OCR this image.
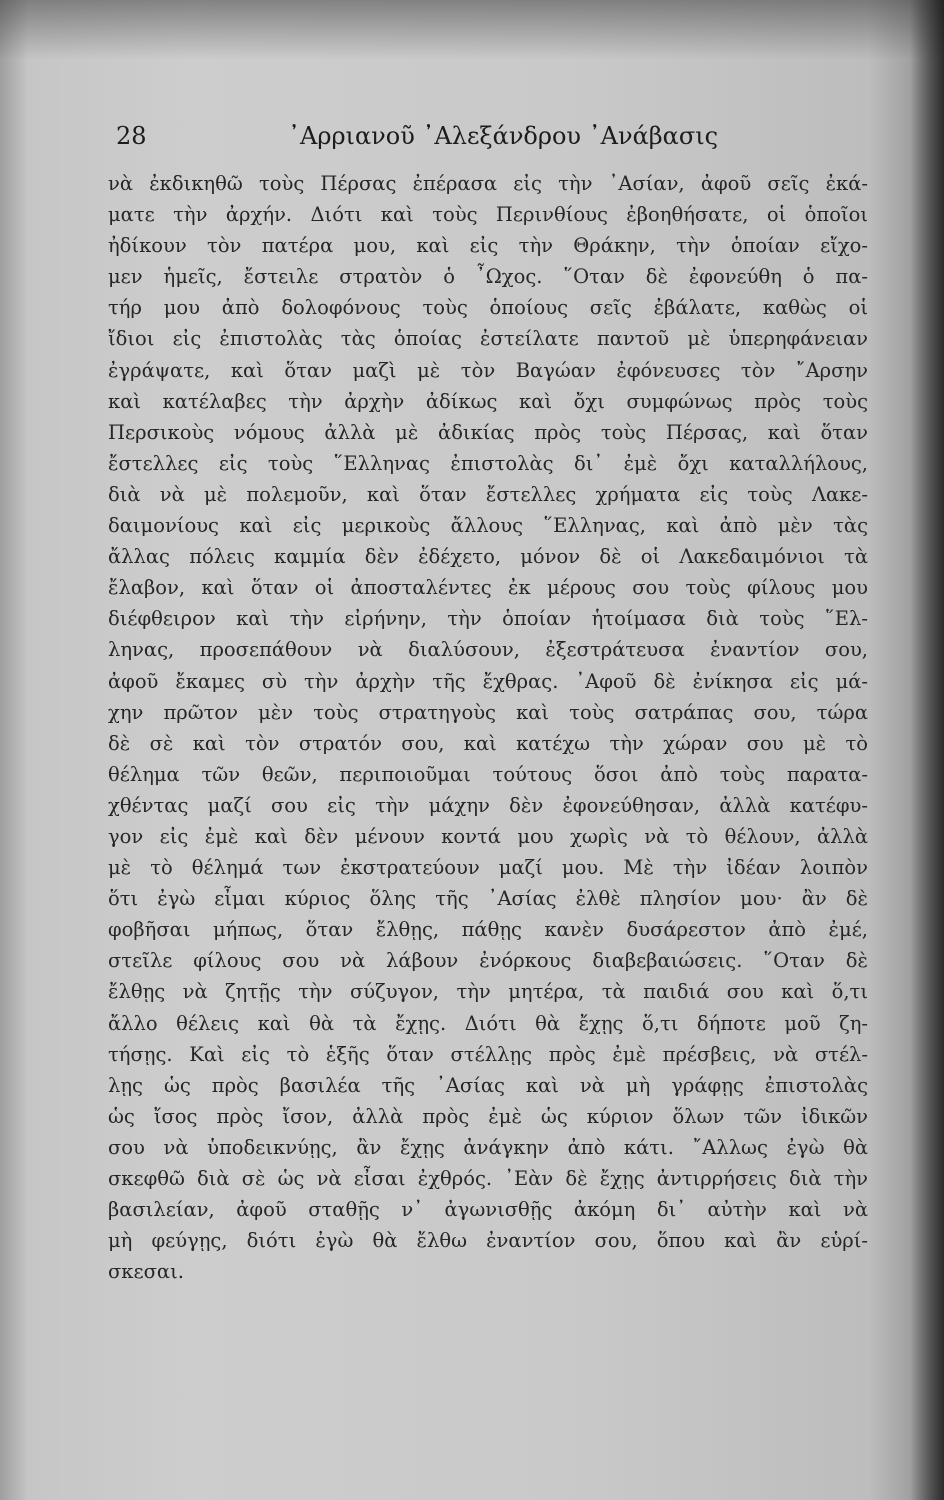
28	᾿Αρριανοῦ ᾿Αλεξάνδρου ᾿Ανάβασις
νὰ ἐκδικηθῶ τοὺς Πέρσας ἐπέρασα εἰς τὴν ᾿Ασίαν, ἀφοῦ σεῖς ἐκά-
ματε τὴν ἀρχήν. Διότι καὶ τοὺς Περινθίους ἐβοηθήσατε, οἱ ὁποῖοι
ἠδίκουν τὸν πατέρα μου, καὶ εἰς τὴν Θράκην, τὴν ὁποίαν εἴχο-
μεν ἡμεῖς, ἔστειλε στρατὸν ὁ ῏Ωχος. ῞Οταν δὲ ἐφονεύθη ὁ πα-
τήρ μου ἀπὸ δολοφόνους τοὺς ὁποίους σεῖς ἐβάλατε, καθὼς οἱ
ἴδιοι εἰς ἐπιστολὰς τὰς ὁποίας ἐστείλατε παντοῦ μὲ ὑπερηφάνειαν
ἐγράψατε, καὶ ὅταν μαζὶ μὲ τὸν Βαγώαν ἐφόνευσες τὸν ῎Αρσην
καὶ κατέλαβες τὴν ἀρχὴν ἀδίκως καὶ ὄχι συμφώνως πρὸς τοὺς
Περσικοὺς νόμους ἀλλὰ μὲ ἀδικίας πρὸς τοὺς Πέρσας, καὶ ὅταν
ἔστελλες εἰς τοὺς ῞Ελληνας ἐπιστολὰς δι᾿ ἐμὲ ὄχι καταλλήλους,
διὰ νὰ μὲ πολεμοῦν, καὶ ὅταν ἔστελλες χρήματα εἰς τοὺς Λακε-
δαιμονίους καὶ εἰς μερικοὺς ἄλλους ῞Ελληνας, καὶ ἀπὸ μὲν τὰς
ἄλλας πόλεις καμμία δὲν ἐδέχετο, μόνον δὲ οἱ Λακεδαιμόνιοι τὰ
ἔλαβον, καὶ ὅταν οἱ ἀποσταλέντες ἐκ μέρους σου τοὺς φίλους μου
διέφθειρον καὶ τὴν εἰρήνην, τὴν ὁποίαν ἡτοίμασα διὰ τοὺς ῞Ελ-
ληνας, προσεπάθουν νὰ διαλύσουν, ἐξεστράτευσα ἐναντίον σου,
ἀφοῦ ἔκαμες σὺ τὴν ἀρχὴν τῆς ἔχθρας. ᾿Αφοῦ δὲ ἐνίκησα εἰς μά-
χην πρῶτον μὲν τοὺς στρατηγοὺς καὶ τοὺς σατράπας σου, τώρα
δὲ σὲ καὶ τὸν στρατόν σου, καὶ κατέχω τὴν χώραν σου μὲ τὸ
θέλημα τῶν θεῶν, περιποιοῦμαι τούτους ὅσοι ἀπὸ τοὺς παρατα-
χθέντας μαζί σου εἰς τὴν μάχην δὲν ἐφονεύθησαν, ἀλλὰ κατέφυ-
γον εἰς ἐμὲ καὶ δὲν μένουν κοντά μου χωρὶς νὰ τὸ θέλουν, ἀλλὰ
μὲ τὸ θέλημά των ἐκστρατεύουν μαζί μου. Μὲ τὴν ἰδέαν λοιπὸν
ὅτι ἐγὼ εἶμαι κύριος ὅλης τῆς ᾿Ασίας ἐλθὲ πλησίον μου· ἂν δὲ
φοβῆσαι μήπως, ὅταν ἔλθῃς, πάθῃς κανὲν δυσάρεστον ἀπὸ ἐμέ,
στεῖλε φίλους σου νὰ λάβουν ἐνόρκους διαβεβαιώσεις. ῞Οταν δὲ
ἔλθῃς νὰ ζητῇς τὴν σύζυγον, τὴν μητέρα, τὰ παιδιά σου καὶ ὅ,τι
ἄλλο θέλεις καὶ θὰ τὰ ἔχῃς. Διότι θὰ ἔχῃς ὅ,τι δήποτε μοῦ ζη-
τήσῃς. Καὶ εἰς τὸ ἑξῆς ὅταν στέλλῃς πρὸς ἐμὲ πρέσβεις, νὰ στέλ-
λῃς ὡς πρὸς βασιλέα τῆς ᾿Ασίας καὶ νὰ μὴ γράφῃς ἐπιστολὰς
ὡς ἴσος πρὸς ἴσον, ἀλλὰ πρὸς ἐμὲ ὡς κύριον ὅλων τῶν ἰδικῶν
σου νὰ ὑποδεικνύῃς, ἂν ἔχῃς ἀνάγκην ἀπὸ κάτι. ῎Αλλως ἐγὼ θὰ
σκεφθῶ διὰ σὲ ὡς νὰ εἶσαι ἐχθρός. ᾿Εὰν δὲ ἔχῃς ἀντιρρήσεις διὰ τὴν
βασιλείαν, ἀφοῦ σταθῇς ν᾿ ἀγωνισθῇς ἀκόμη δι᾿ αὐτὴν καὶ νὰ
μὴ φεύγῃς, διότι ἐγὼ θὰ ἔλθω ἐναντίον σου, ὅπου καὶ ἂν εὑρί-
σκεσαι.
